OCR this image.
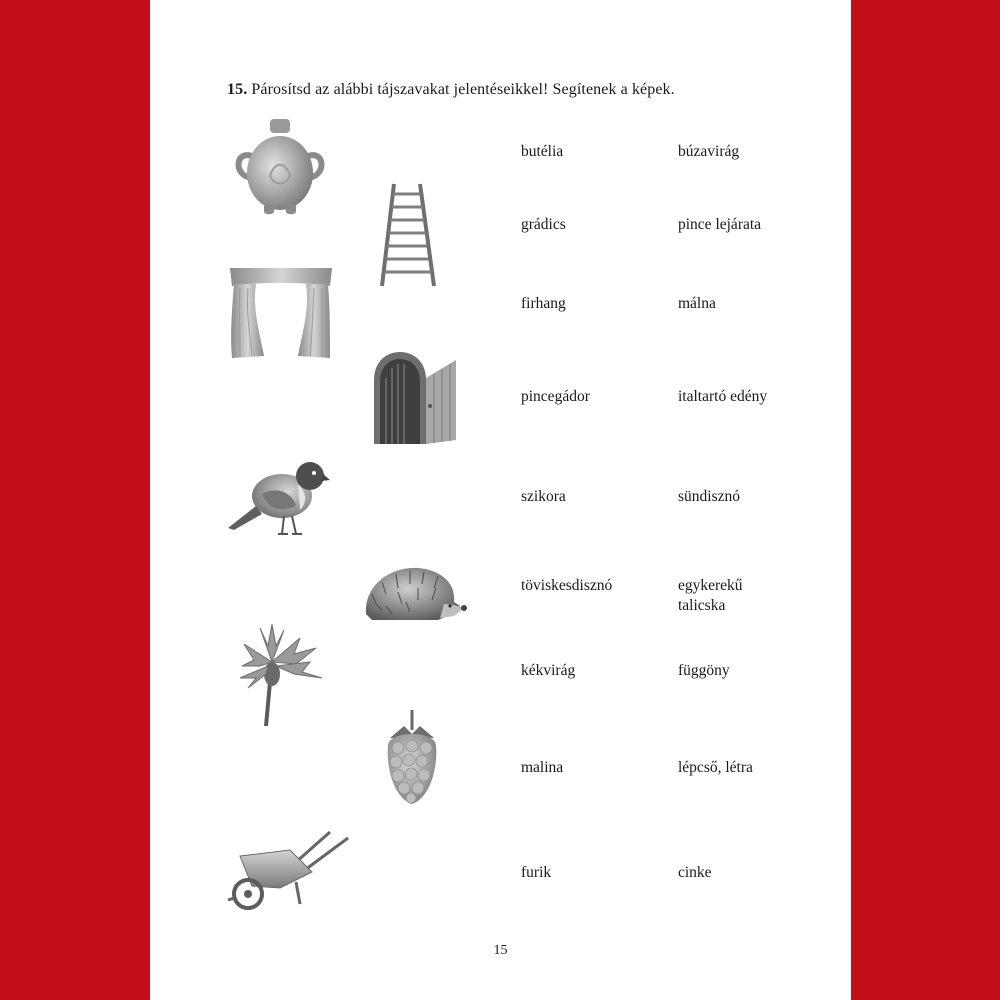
15. Párosítsd az alábbi tájszavakat jelentéseikkel! Segítenek a képek.
butélia
grádics
firhang
pincegádor
szikora
töviskesdisznó
kékvirág
malina
furik
búzavirág
pince lejárata
málna
italtartó edény
sündisznó
egykerekű
talicska
függöny
lépcső, létra
cinke
15
